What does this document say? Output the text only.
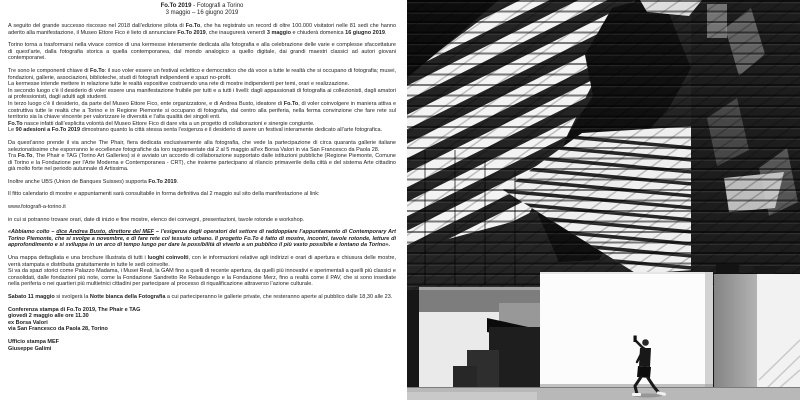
Fo.To 2019 - Fotografi a Torino
3 maggio – 16 giugno 2019

A seguito del grande successo riscosso nel 2018 dall’edizione pilota di Fo.To, che ha registrato un record di oltre 100.000 visitatori nelle 81 sedi che hanno aderito alla manifestazione, il Museo Ettore Fico è lieto di annunciare Fo.To 2019, che inaugurerà venerdì 3 maggio e chiuderà domenica 16 giugno 2019.

Torino torna a trasformarsi nella vivace cornice di una kermesse interamente dedicata alla fotografia e alla celebrazione delle varie e complesse sfaccettature di quest’arte, dalla fotografia storica a quella contemporanea, dal mondo analogico a quello digitale, dai grandi maestri classici ad autori giovani contemporanei.

Tre sono le componenti chiave di Fo.To: il suo voler essere un festival eclettico e democratico che dà voce a tutte le realtà che si occupano di fotografia; musei, fondazioni, gallerie, associazioni, biblioteche, studi di fotografi indipendenti e spazi no-profit.

La kermesse intende mettere in relazione tutte le realtà espositive costruendo una rete di mostre indipendenti per temi, orari e realizzazione.

In secondo luogo c’è il desiderio di voler essere una manifestazione fruibile per tutti e a tutti i livelli: dagli appassionati di fotografia ai collezionisti, dagli amatori ai professionisti, dagli adulti agli studenti.

In terzo luogo c’è il desiderio, da parte del Museo Ettore Fico, ente organizzatore, e di Andrea Busto, ideatore di Fo.To, di voler coinvolgere in maniera attiva e costruttiva tutte le realtà che a Torino e in Regione Piemonte si occupano di fotografia, dal centro alla periferia, nella ferma convinzione che fare rete sul territorio sia la chiave vincente per valorizzare le diversità e l’alta qualità dei singoli enti.

Fo.To nasce infatti dall’esplicita volontà del Museo Ettore Fico di dare vita a un progetto di collaborazioni e sinergie congiunte.

Le 90 adesioni a Fo.To 2019 dimostrano quanto la città stessa senta l’esigenza e il desiderio di avere un festival interamente dedicato all’arte fotografica.

Da quest’anno prende il via anche The Phair, fiera dedicata esclusivamente alla fotografia, che vede la partecipazione di circa quaranta gallerie italiane selezionatissime che esporranno le eccellenze fotografiche da loro rappresentate dal 2 al 5 maggio all’ex Borsa Valori in via San Francesco da Paola 28.

Tra Fo.To, The Phair e TAG (Torino Art Galleries) si è avviato un accordo di collaborazione supportato dalle istituzioni pubbliche (Regione Piemonte, Comune di Torino e la Fondazione per l’Arte Moderna e Contemporanea - CRT), che insieme partecipano al rilancio primaverile della città e del sistema Arte cittadino già molto forte nel periodo autunnale di Artissima.

Inoltre anche UBS (Union de Banques Suisses) supporta Fo.To 2019.

Il fitto calendario di mostre e appuntamenti sarà consultabile in forma definitiva dal 2 maggio sul sito della manifestazione al link:

www.fotografi-a-torino.it

in cui si potranno trovare orari, date di inizio e fine mostre, elenco dei convegni, presentazioni, tavole rotonde e workshop.

«Abbiamo colto – dice Andrea Busto, direttore del MEF – l’esigenza degli operatori del settore di raddoppiare l’appuntamento di Contemporary Art Torino Piemonte, che si svolge a novembre, e di fare rete col tessuto urbano. Il progetto Fo.To è fatto di mostre, incontri, tavole rotonde, letture di approfondimento e si sviluppa in un arco di tempo lungo per dare la possibilità di viverlo a un pubblico il più vasto possibile e lontano da Torino».

Una mappa dettagliata e una brochure illustrata di tutti i luoghi coinvolti, con le informazioni relative agli indirizzi e orari di apertura e chiusura delle mostre, verrà stampata e distribuita gratuitamente in tutte le sedi coinvolte.

Si va da spazi storici come Palazzo Madama, i Musei Reali, la GAM fino a quelli di recente apertura, da quelli più innovativi e sperimentali a quelli più classici e consolidati, dalle fondazioni più note, come la Fondazione Sandretto Re Rebaudengo e la Fondazione Merz, fino a realtà come il PAV, che si sono insediate nella periferia o nei quartieri più multietnici cittadini per partecipare al processo di riqualificazione attraverso l’azione culturale.

Sabato 11 maggio si svolgerà la Notte bianca della Fotografia a cui parteciperanno le gallerie private, che resteranno aperte al pubblico dalle 18,30 alle 23.

Conferenza stampa di Fo.To 2019, The Phair e TAG

giovedì 2 maggio alle ore 11.30

ex Borsa Valori

via San Francesco da Paola 28, Torino

Ufficio stampa MEF

Giuseppe Galimi
